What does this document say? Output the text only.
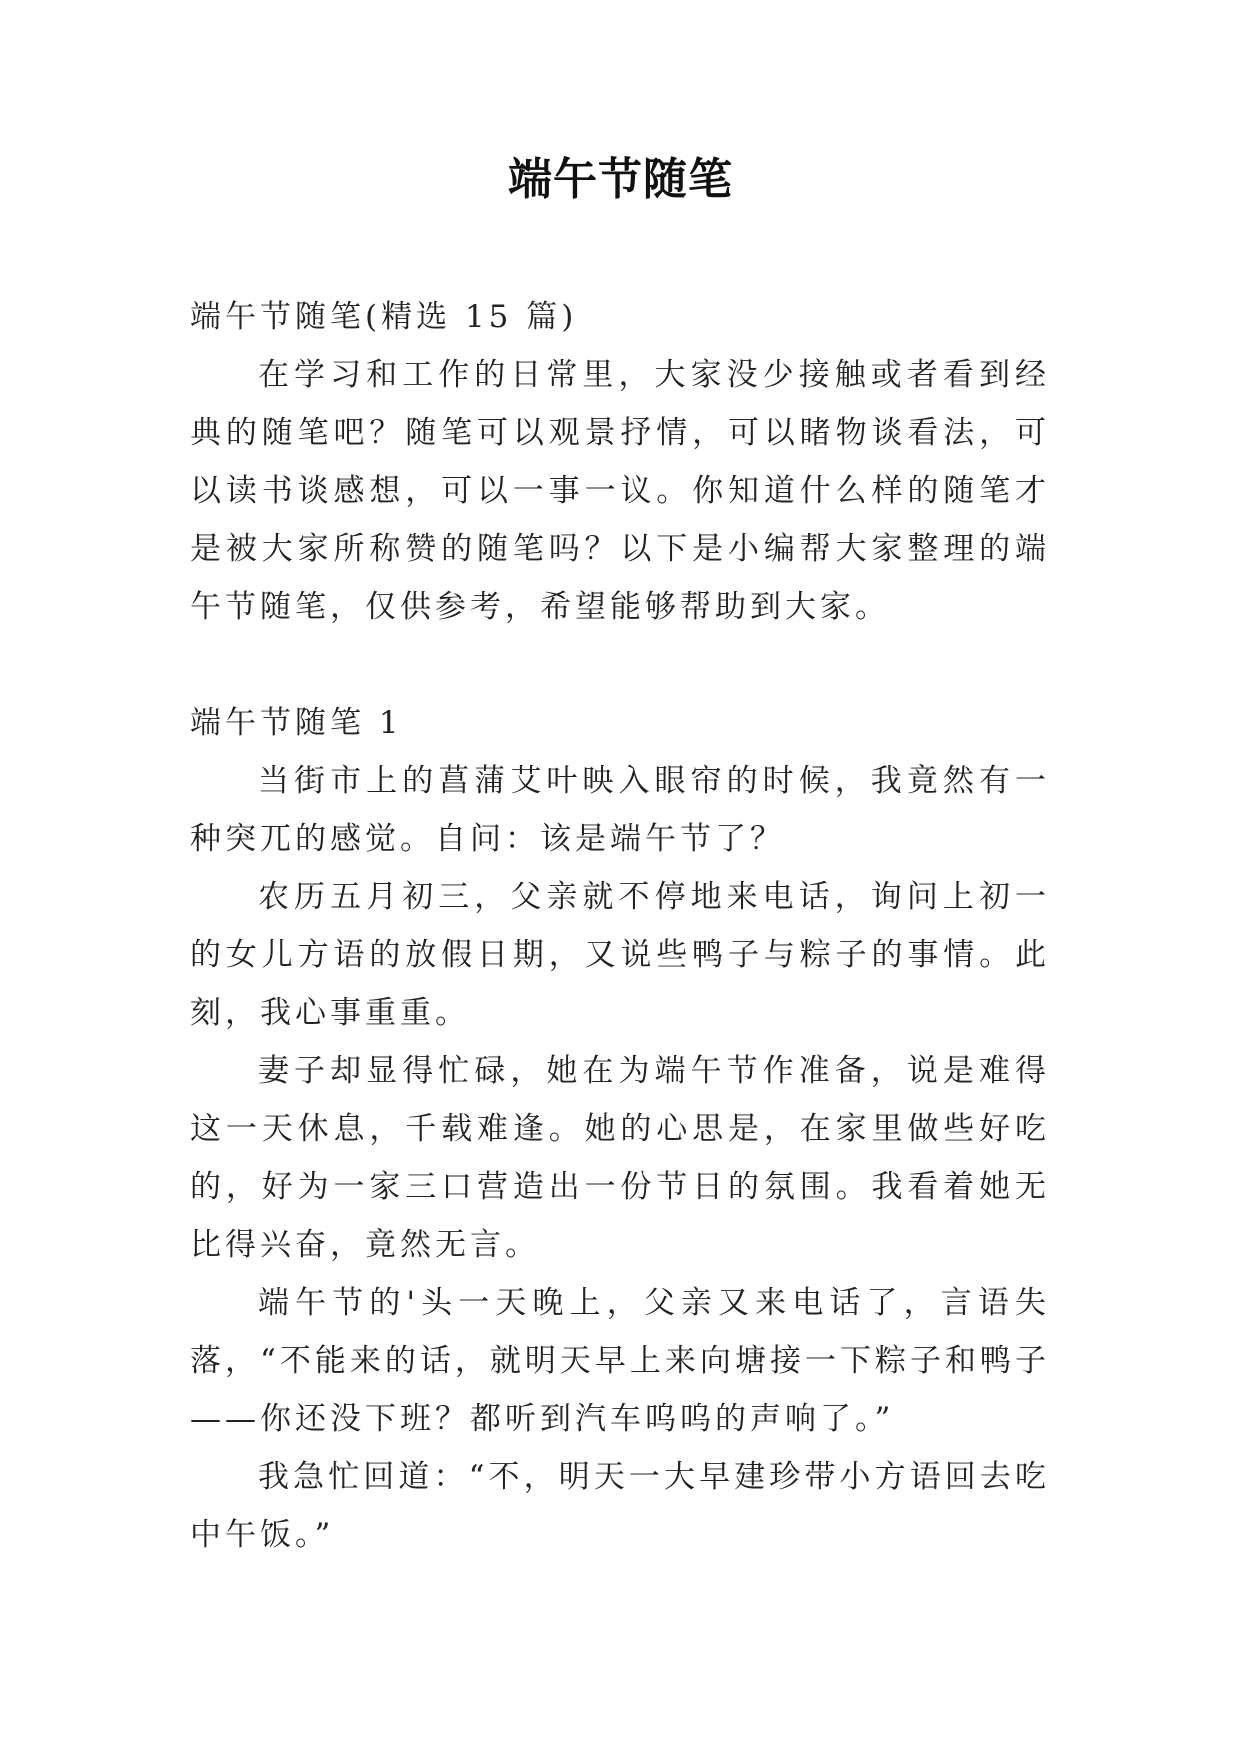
端午节随笔

端午节随笔(精选 15 篇)

在学习和工作的日常里，大家没少接触或者看到经典的随笔吧？随笔可以观景抒情，可以睹物谈看法，可以读书谈感想，可以一事一议。你知道什么样的随笔才是被大家所称赞的随笔吗？以下是小编帮大家整理的端午节随笔，仅供参考，希望能够帮助到大家。

端午节随笔 1

当街市上的菖蒲艾叶映入眼帘的时候，我竟然有一种突兀的感觉。自问：该是端午节了？

农历五月初三，父亲就不停地来电话，询问上初一的女儿方语的放假日期，又说些鸭子与粽子的事情。此刻，我心事重重。

妻子却显得忙碌，她在为端午节作准备，说是难得这一天休息，千载难逢。她的心思是，在家里做些好吃的，好为一家三口营造出一份节日的氛围。我看着她无比得兴奋，竟然无言。

端午节的'头一天晚上，父亲又来电话了，言语失落，“不能来的话，就明天早上来向塘接一下粽子和鸭子——你还没下班？都听到汽车呜呜的声响了。”

我急忙回道：“不，明天一大早建珍带小方语回去吃中午饭。”
